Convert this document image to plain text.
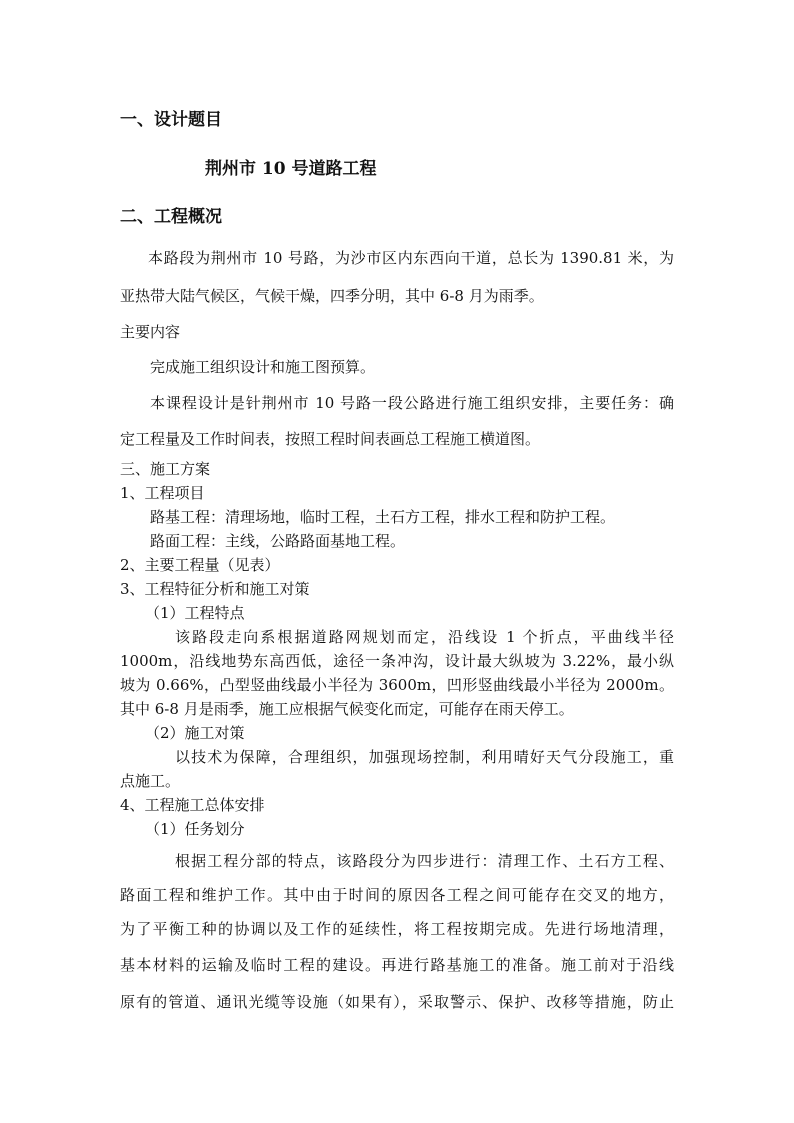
一、设计题目
荆州市 10 号道路工程
二、工程概况
本路段为荆州市 10 号路，为沙市区内东西向干道，总长为 1390.81 米，为
亚热带大陆气候区，气候干燥，四季分明，其中 6-8 月为雨季。
主要内容
完成施工组织设计和施工图预算。
本课程设计是针荆州市 10 号路一段公路进行施工组织安排，主要任务：确
定工程量及工作时间表，按照工程时间表画总工程施工横道图。
三、施工方案
1、工程项目
路基工程：清理场地，临时工程，土石方工程，排水工程和防护工程。
路面工程：主线，公路路面基地工程。
2、主要工程量（见表）
3、工程特征分析和施工对策
（1）工程特点
该路段走向系根据道路网规划而定，沿线设 1 个折点，平曲线半径
1000m，沿线地势东高西低，途径一条冲沟，设计最大纵坡为 3.22%，最小纵
坡为 0.66%，凸型竖曲线最小半径为 3600m，凹形竖曲线最小半径为 2000m。
其中 6-8 月是雨季，施工应根据气候变化而定，可能存在雨天停工。
（2）施工对策
以技术为保障，合理组织，加强现场控制，利用晴好天气分段施工，重
点施工。
4、工程施工总体安排
（1）任务划分
根据工程分部的特点，该路段分为四步进行：清理工作、土石方工程、
路面工程和维护工作。其中由于时间的原因各工程之间可能存在交叉的地方，
为了平衡工种的协调以及工作的延续性，将工程按期完成。先进行场地清理，
基本材料的运输及临时工程的建设。再进行路基施工的准备。施工前对于沿线
原有的管道、通讯光缆等设施（如果有），采取警示、保护、改移等措施，防止
